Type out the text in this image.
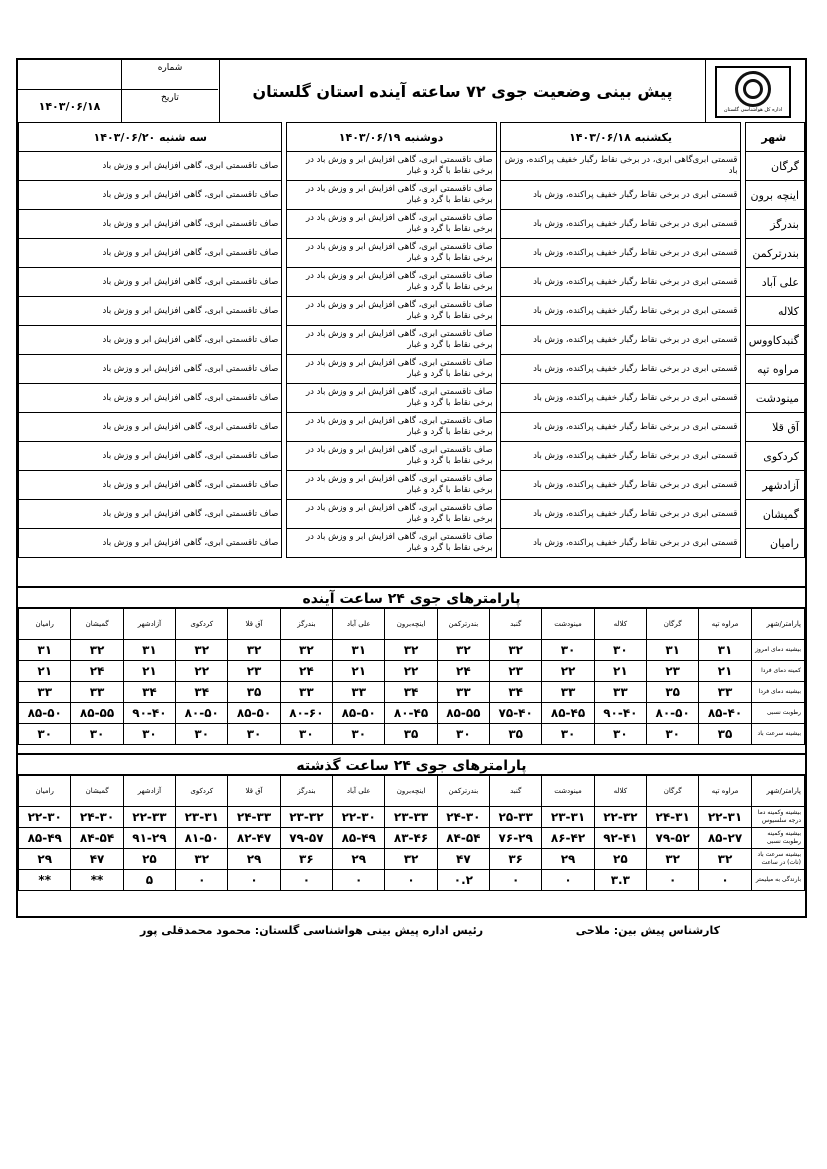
اداره کل هواشناسی گلستان
پیش بینی وضعیت جوی ۷۲ ساعته آینده استان گلستان
شماره
تاریخ
۱۴۰۳/۰۶/۱۸
شهر		یکشنبه ۱۴۰۳/۰۶/۱۸		دوشنبه ۱۴۰۳/۰۶/۱۹		سه شنبه ۱۴۰۳/۰۶/۲۰
گرگان		قسمتی ابری‌گاهی ابری، در برخی نقاط رگبار خفیف پراکنده، وزش باد		صاف تاقسمتی ابری، گاهی افزایش ابر و وزش باد در برخی نقاط با گرد و غبار		صاف تاقسمتی ابری، گاهی افزایش ابر و وزش باد
اینچه برون		قسمتی ابری در برخی نقاط رگبار خفیف پراکنده، وزش باد		صاف تاقسمتی ابری، گاهی افزایش ابر و وزش باد در برخی نقاط با گرد و غبار		صاف تاقسمتی ابری، گاهی افزایش ابر و وزش باد
بندرگز		قسمتی ابری در برخی نقاط رگبار خفیف پراکنده، وزش باد		صاف تاقسمتی ابری، گاهی افزایش ابر و وزش باد در برخی نقاط با گرد و غبار		صاف تاقسمتی ابری، گاهی افزایش ابر و وزش باد
بندرترکمن		قسمتی ابری در برخی نقاط رگبار خفیف پراکنده، وزش باد		صاف تاقسمتی ابری، گاهی افزایش ابر و وزش باد در برخی نقاط با گرد و غبار		صاف تاقسمتی ابری، گاهی افزایش ابر و وزش باد
علی آباد		قسمتی ابری در برخی نقاط رگبار خفیف پراکنده، وزش باد		صاف تاقسمتی ابری، گاهی افزایش ابر و وزش باد در برخی نقاط با گرد و غبار		صاف تاقسمتی ابری، گاهی افزایش ابر و وزش باد
کلاله		قسمتی ابری در برخی نقاط رگبار خفیف پراکنده، وزش باد		صاف تاقسمتی ابری، گاهی افزایش ابر و وزش باد در برخی نقاط با گرد و غبار		صاف تاقسمتی ابری، گاهی افزایش ابر و وزش باد
گنبدکاووس		قسمتی ابری در برخی نقاط رگبار خفیف پراکنده، وزش باد		صاف تاقسمتی ابری، گاهی افزایش ابر و وزش باد در برخی نقاط با گرد و غبار		صاف تاقسمتی ابری، گاهی افزایش ابر و وزش باد
مراوه تپه		قسمتی ابری در برخی نقاط رگبار خفیف پراکنده، وزش باد		صاف تاقسمتی ابری، گاهی افزایش ابر و وزش باد در برخی نقاط با گرد و غبار		صاف تاقسمتی ابری، گاهی افزایش ابر و وزش باد
مینودشت		قسمتی ابری در برخی نقاط رگبار خفیف پراکنده، وزش باد		صاف تاقسمتی ابری، گاهی افزایش ابر و وزش باد در برخی نقاط با گرد و غبار		صاف تاقسمتی ابری، گاهی افزایش ابر و وزش باد
آق قلا		قسمتی ابری در برخی نقاط رگبار خفیف پراکنده، وزش باد		صاف تاقسمتی ابری، گاهی افزایش ابر و وزش باد در برخی نقاط با گرد و غبار		صاف تاقسمتی ابری، گاهی افزایش ابر و وزش باد
کردکوی		قسمتی ابری در برخی نقاط رگبار خفیف پراکنده، وزش باد		صاف تاقسمتی ابری، گاهی افزایش ابر و وزش باد در برخی نقاط با گرد و غبار		صاف تاقسمتی ابری، گاهی افزایش ابر و وزش باد
آزادشهر		قسمتی ابری در برخی نقاط رگبار خفیف پراکنده، وزش باد		صاف تاقسمتی ابری، گاهی افزایش ابر و وزش باد در برخی نقاط با گرد و غبار		صاف تاقسمتی ابری، گاهی افزایش ابر و وزش باد
گمیشان		قسمتی ابری در برخی نقاط رگبار خفیف پراکنده، وزش باد		صاف تاقسمتی ابری، گاهی افزایش ابر و وزش باد در برخی نقاط با گرد و غبار		صاف تاقسمتی ابری، گاهی افزایش ابر و وزش باد
رامیان		قسمتی ابری در برخی نقاط رگبار خفیف پراکنده، وزش باد		صاف تاقسمتی ابری، گاهی افزایش ابر و وزش باد در برخی نقاط با گرد و غبار		صاف تاقسمتی ابری، گاهی افزایش ابر و وزش باد
پارامترهای جوی ۲۴ ساعت آینده
پارامتر/شهر	مراوه تپه	گرگان	کلاله	مینودشت	گنبد	بندرترکمن	اینچه‌برون	علی آباد	بندرگز	آق قلا	کردکوی	آزادشهر	گمیشان	رامیان
بیشینه دمای امروز	۳۱	۳۱	۳۰	۳۰	۳۲	۳۲	۳۲	۳۱	۳۲	۳۲	۳۲	۳۱	۳۲	۳۱
کمینه دمای فردا	۲۱	۲۳	۲۱	۲۲	۲۳	۲۴	۲۲	۲۱	۲۴	۲۳	۲۲	۲۱	۲۴	۲۱
بیشینه دمای فردا	۳۳	۳۵	۳۳	۳۳	۳۴	۳۳	۳۴	۳۳	۳۳	۳۵	۳۴	۳۴	۳۳	۳۳
رطوبت نسبی	۸۵-۴۰	۸۰-۵۰	۹۰-۴۰	۸۵-۴۵	۷۵-۴۰	۸۵-۵۵	۸۰-۴۵	۸۵-۵۰	۸۰-۶۰	۸۵-۵۰	۸۰-۵۰	۹۰-۴۰	۸۵-۵۵	۸۵-۵۰
بیشینه سرعت باد	۳۵	۳۰	۳۰	۳۰	۳۵	۳۰	۳۵	۳۰	۳۰	۳۰	۳۰	۳۰	۳۰	۳۰
پارامترهای جوی ۲۴ ساعت گذشته
پارامتر/شهر	مراوه تپه	گرگان	کلاله	مینودشت	گنبد	بندرترکمن	اینچه‌برون	علی آباد	بندرگز	آق قلا	کردکوی	آزادشهر	گمیشان	رامیان
بیشینه وکمینه دما درجه سلسیوس	۲۲-۳۱	۲۴-۳۱	۲۲-۳۲	۲۳-۳۱	۲۵-۳۳	۲۴-۳۰	۲۳-۳۳	۲۲-۳۰	۲۳-۳۲	۲۴-۳۳	۲۳-۳۱	۲۲-۳۳	۲۴-۳۰	۲۲-۳۰
بیشینه وکمینه رطوبت نسبی	۸۵-۲۷	۷۹-۵۲	۹۲-۴۱	۸۶-۴۲	۷۶-۲۹	۸۴-۵۴	۸۳-۴۶	۸۵-۴۹	۷۹-۵۷	۸۲-۴۷	۸۱-۵۰	۹۱-۲۹	۸۴-۵۴	۸۵-۴۹
بیشینه سرعت باد (نات) در ساعت	۳۲	۳۲	۲۵	۲۹	۳۶	۴۷	۳۲	۲۹	۳۶	۲۹	۳۲	۲۵	۴۷	۲۹
بارندگی به میلیمتر	۰	۰	۳.۳	۰	۰	۰.۲	۰	۰	۰	۰	۰	۵	**	**
کارشناس پیش بین: ملاحی
رئیس اداره پیش بینی هواشناسی گلستان: محمود محمدقلی پور
